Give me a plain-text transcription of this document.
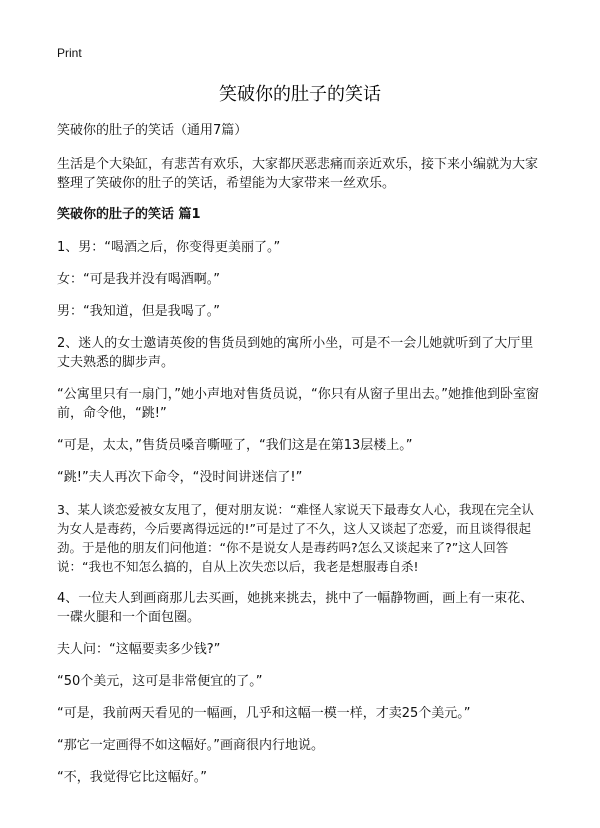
Print
笑破你的肚子的笑话

笑破你的肚子的笑话（通用7篇）

生活是个大染缸，有悲苦有欢乐，大家都厌恶悲痛而亲近欢乐，接下来小编就为大家整理了笑破你的肚子的笑话，希望能为大家带来一丝欢乐。

笑破你的肚子的笑话 篇1

1、男：“喝酒之后，你变得更美丽了。”

女：“可是我并没有喝酒啊。”

男：“我知道，但是我喝了。”

2、迷人的女士邀请英俊的售货员到她的寓所小坐，可是不一会儿她就听到了大厅里丈夫熟悉的脚步声。

“公寓里只有一扇门，”她小声地对售货员说，“你只有从窗子里出去。”她推他到卧室窗前，命令他，“跳!”

“可是，太太，”售货员嗓音嘶哑了，“我们这是在第13层楼上。”

“跳!”夫人再次下命令，“没时间讲迷信了!”

3、某人谈恋爱被女友甩了，便对朋友说：“难怪人家说天下最毒女人心，我现在完全认为女人是毒药，今后要离得远远的!”可是过了不久，这人又谈起了恋爱，而且谈得很起劲。于是他的朋友们问他道：“你不是说女人是毒药吗?怎么又谈起来了?”这人回答说：“我也不知怎么搞的，自从上次失恋以后，我老是想服毒自杀!

4、一位夫人到画商那儿去买画，她挑来挑去，挑中了一幅静物画，画上有一束花、一碟火腿和一个面包圈。

夫人问：“这幅要卖多少钱?”

“50个美元，这可是非常便宜的了。”

“可是，我前两天看见的一幅画，几乎和这幅一模一样，才卖25个美元。”

“那它一定画得不如这幅好。”画商很内行地说。

“不，我觉得它比这幅好。”
